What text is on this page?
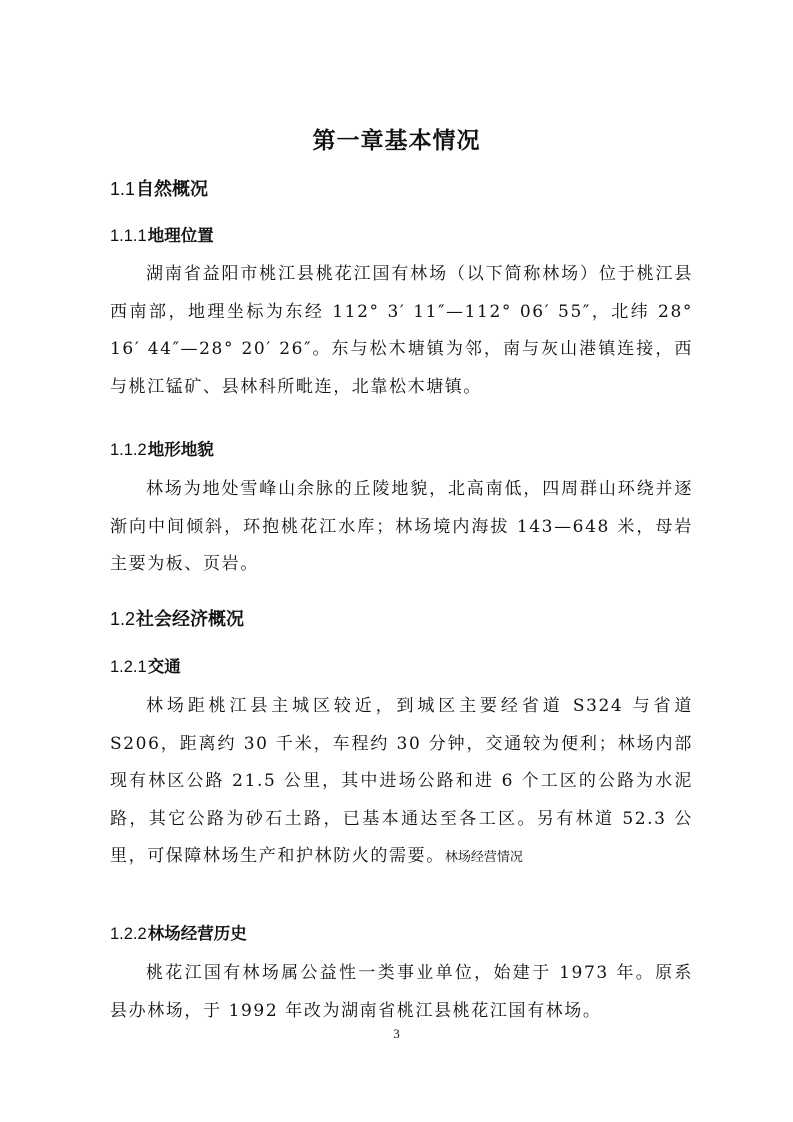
第一章基本情况
1.1自然概况
1.1.1地理位置

湖南省益阳市桃江县桃花江国有林场（以下简称林场）位于桃江县西南部，地理坐标为东经 112° 3′ 11″—112° 06′ 55″，北纬 28° 16′ 44″—28° 20′ 26″。东与松木塘镇为邻，南与灰山港镇连接，西与桃江锰矿、县林科所毗连，北靠松木塘镇。

1.1.2地形地貌

林场为地处雪峰山余脉的丘陵地貌，北高南低，四周群山环绕并逐渐向中间倾斜，环抱桃花江水库；林场境内海拔 143—648 米，母岩主要为板、页岩。

1.2社会经济概况
1.2.1交通

林场距桃江县主城区较近，到城区主要经省道 S324 与省道 S206，距离约 30 千米，车程约 30 分钟，交通较为便利；林场内部现有林区公路 21.5 公里，其中进场公路和进 6 个工区的公路为水泥路，其它公路为砂石土路，已基本通达至各工区。另有林道 52.3 公里，可保障林场生产和护林防火的需要。林场经营情况

1.2.2林场经营历史

桃花江国有林场属公益性一类事业单位，始建于 1973 年。原系县办林场，于 1992 年改为湖南省桃江县桃花江国有林场。

3
